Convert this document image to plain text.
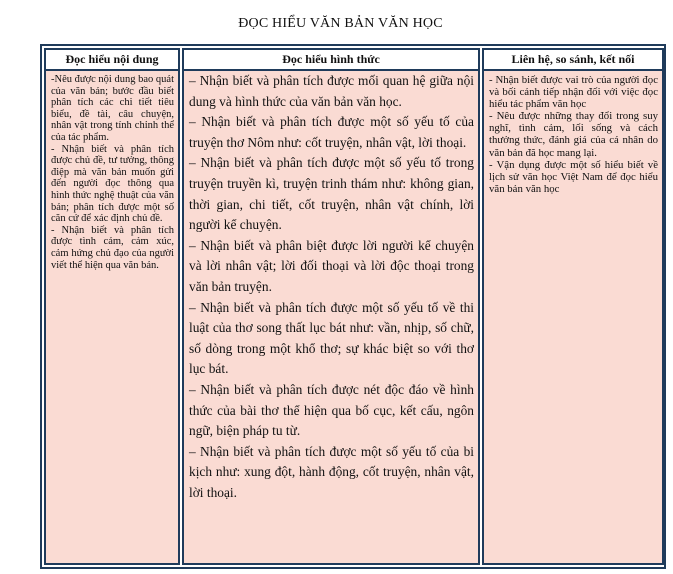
ĐỌC HIỂU VĂN BẢN VĂN HỌC
Đọc hiểu nội dung

-Nêu được nội dung bao quát của văn bản; bước đầu biết phân tích các chi tiết tiêu biểu, đề tài, câu chuyện, nhân vật trong tính chỉnh thể của tác phẩm.

- Nhận biết và phân tích được chủ đề, tư tưởng, thông điệp mà văn bản muốn gửi đến người đọc thông qua hình thức nghệ thuật của văn bản; phân tích được một số căn cứ để xác định chủ đề.

- Nhận biết và phân tích được tình cảm, cảm xúc, cảm hứng chủ đạo của người viết thể hiện qua văn bản.

Đọc hiểu hình thức

– Nhận biết và phân tích được mối quan hệ giữa nội dung và hình thức của văn bản văn học.

– Nhận biết và phân tích được một số yếu tố của truyện thơ Nôm như: cốt truyện, nhân vật, lời thoại.

– Nhận biết và phân tích được một số yếu tố trong truyện truyền kì, truyện trinh thám như: không gian, thời gian, chi tiết, cốt truyện, nhân vật chính, lời người kể chuyện.

– Nhận biết và phân biệt được lời người kể chuyện và lời nhân vật; lời đối thoại và lời độc thoại trong văn bản truyện.

– Nhận biết và phân tích được một số yếu tố về thi luật của thơ song thất lục bát như: vần, nhịp, số chữ, số dòng trong một khổ thơ; sự khác biệt so với thơ lục bát.

– Nhận biết và phân tích được nét độc đáo về hình thức của bài thơ thể hiện qua bố cục, kết cấu, ngôn ngữ, biện pháp tu từ.

– Nhận biết và phân tích được một số yếu tố của bi kịch như: xung đột, hành động, cốt truyện, nhân vật, lời thoại.

Liên hệ, so sánh, kết nối

- Nhận biết được vai trò của người đọc và bối cảnh tiếp nhận đối với việc đọc hiểu tác phẩm văn học

- Nêu được những thay đổi trong suy nghĩ, tình cảm, lối sống và cách thưởng thức, đánh giá của cá nhân do văn bản đã học mang lại.

- Vận dụng được một số hiểu biết về lịch sử văn học Việt Nam để đọc hiểu văn bản văn học
